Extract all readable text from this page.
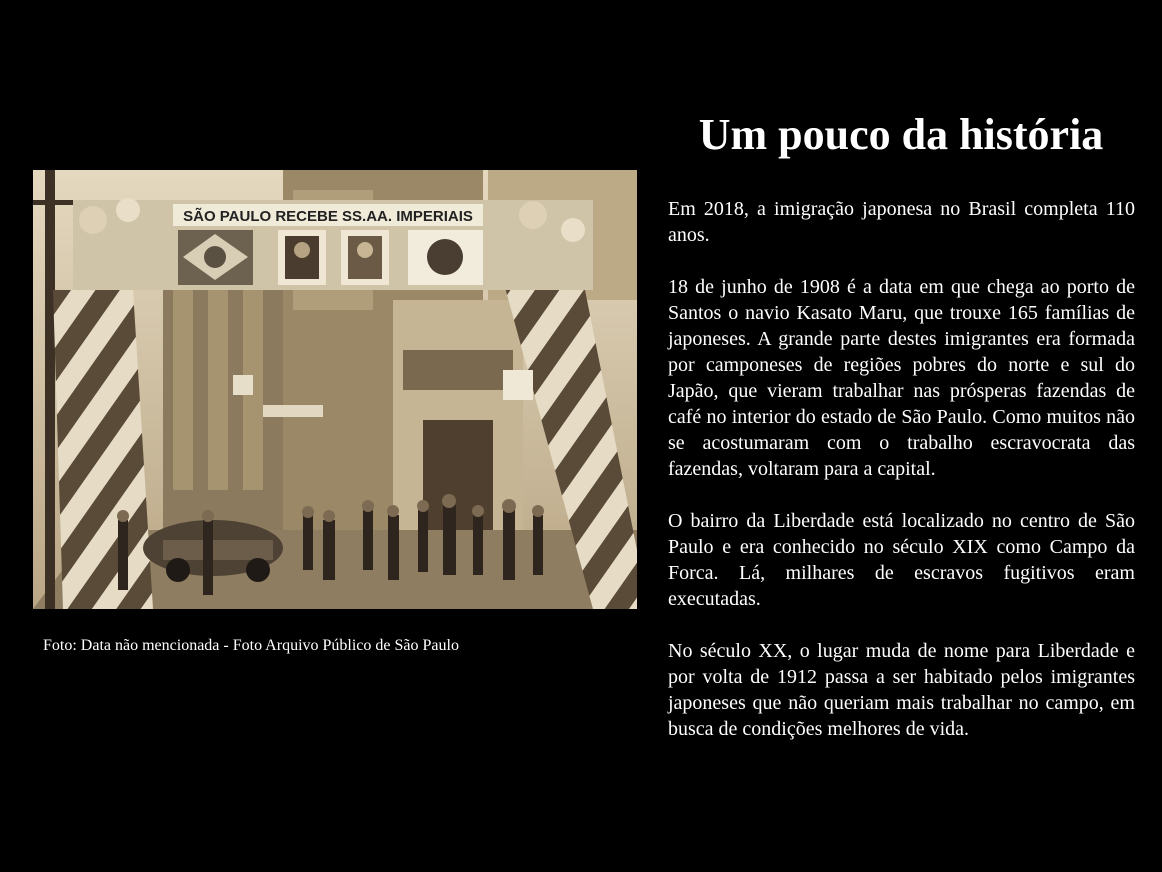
SÃO PAULO RECEBE SS.AA. IMPERIAIS
Foto: Data não mencionada - Foto Arquivo Público de São Paulo
Um pouco da história

Em 2018, a imigração japonesa no Brasil completa 110 anos.

18 de junho de 1908 é a data em que chega ao porto de Santos o navio Kasato Maru, que trouxe 165 famílias de japoneses. A grande parte destes imigrantes era formada por camponeses de regiões pobres do norte e sul do Japão, que vieram trabalhar nas prósperas fazendas de café no interior do estado de São Paulo. Como muitos não se acostumaram com o trabalho escravocrata das fazendas, voltaram para a capital.

O bairro da Liberdade está localizado no centro de São Paulo e era conhecido no século XIX como Campo da Forca. Lá, milhares de escravos fugitivos eram executadas.

No século XX, o lugar muda de nome para Liberdade e por volta de 1912 passa a ser habitado pelos imigrantes japoneses que não queriam mais trabalhar no campo, em busca de condições melhores de vida.
